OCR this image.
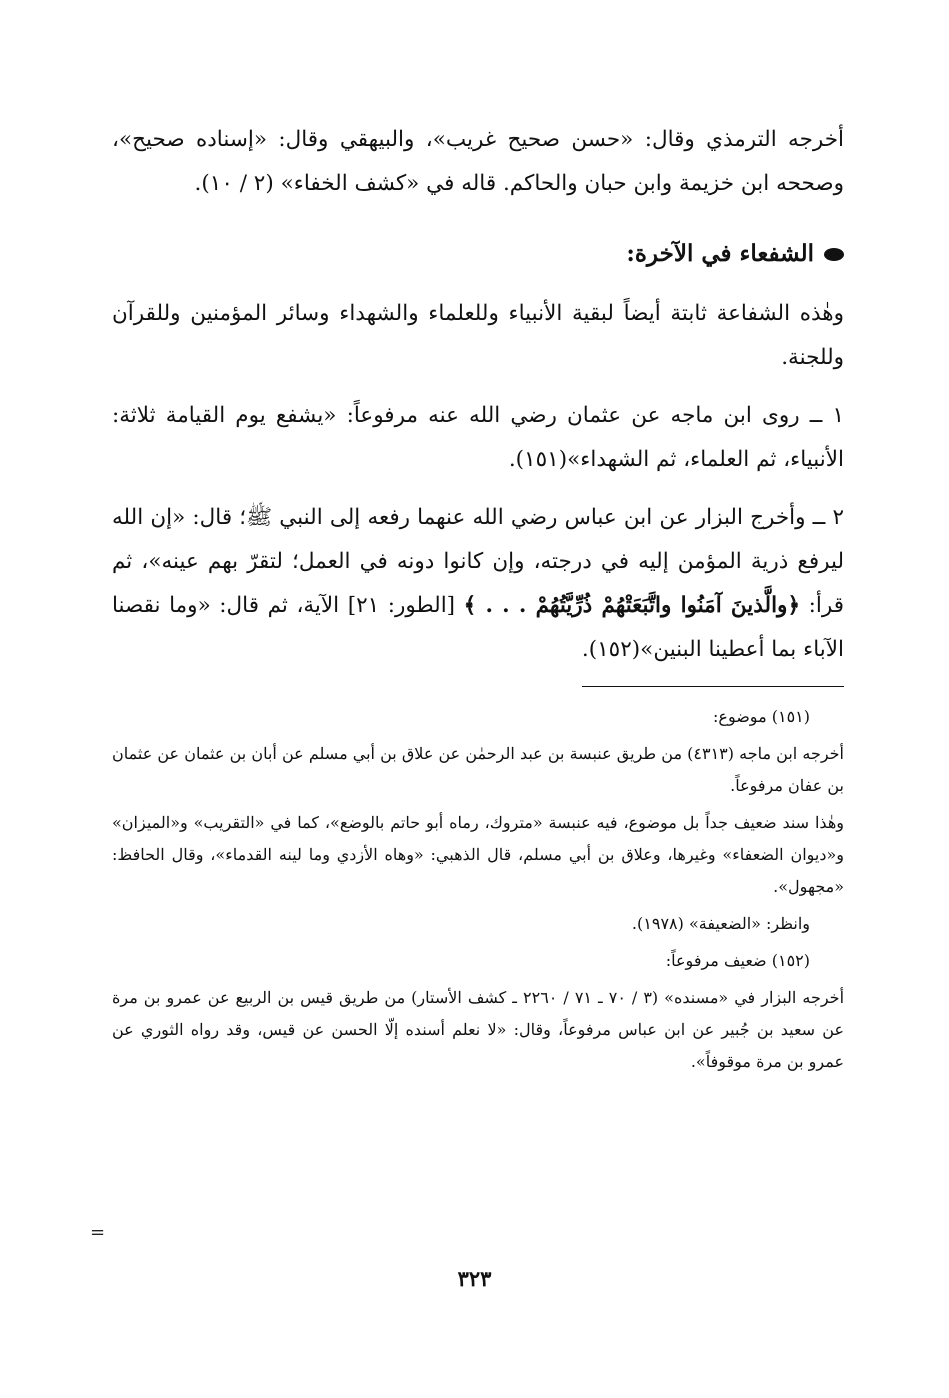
أخرجه الترمذي وقال: «حسن صحيح غريب»، والبيهقي وقال: «إسناده صحيح»، وصححه ابن خزيمة وابن حبان والحاكم. قاله في «كشف الخفاء» (٢ / ١٠).

الشفعاء في الآخرة:

وهٰذه الشفاعة ثابتة أيضاً لبقية الأنبياء وللعلماء والشهداء وسائر المؤمنين وللقرآن وللجنة.

١ ــ روى ابن ماجه عن عثمان رضي الله عنه مرفوعاً: «يشفع يوم القيامة ثلاثة: الأنبياء، ثم العلماء، ثم الشهداء»(١٥١).

٢ ــ وأخرج البزار عن ابن عباس رضي الله عنهما رفعه إلى النبي ﷺ؛ قال: «إن الله ليرفع ذرية المؤمن إليه في درجته، وإن كانوا دونه في العمل؛ لتقرّ بهم عينه»، ثم قرأ: ﴿والَّذينَ آمَنُوا واتَّبَعَتْهُمْ ذُرِّيَّتُهُمْ . . . ﴾ [الطور: ٢١] الآية، ثم قال: «وما نقصنا الآباء بما أعطينا البنين»(١٥٢).

(١٥١) موضوع:

أخرجه ابن ماجه (٤٣١٣) من طريق عنبسة بن عبد الرحمٰن عن علاق بن أبي مسلم عن أبان بن عثمان عن عثمان بن عفان مرفوعاً.

وهٰذا سند ضعيف جداً بل موضوع، فيه عنبسة «متروك، رماه أبو حاتم بالوضع»، كما في «التقريب» و«الميزان» و«ديوان الضعفاء» وغيرها، وعلاق بن أبي مسلم، قال الذهبي: «وهاه الأزدي وما لينه القدماء»، وقال الحافظ: «مجهول».

وانظر: «الضعيفة» (١٩٧٨).

(١٥٢) ضعيف مرفوعاً:

أخرجه البزار في «مسنده» (٣ / ٧٠ ـ ٧١ / ٢٢٦٠ ـ كشف الأستار) من طريق قيس بن الربيع عن عمرو بن مرة عن سعيد بن جُبير عن ابن عباس مرفوعاً، وقال: «لا نعلم أسنده إلّا الحسن عن قيس، وقد رواه الثوري عن عمرو بن مرة موقوفاً».

=
٣٢٣
